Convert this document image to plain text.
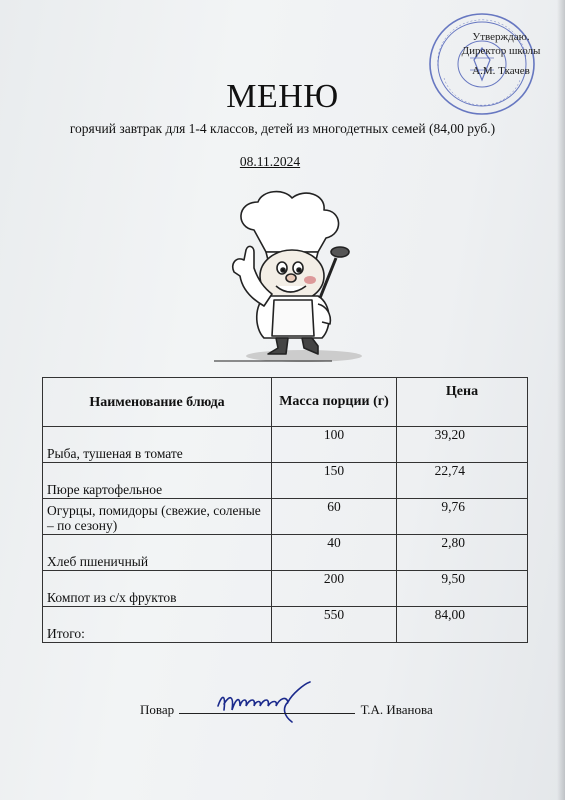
Утверждаю.
Директор школы
А.М. Ткачев
МЕНЮ
горячий завтрак для 1-4 классов, детей из многодетных семей (84,00 руб.)
08.11.2024
Наименование блюда	Масса порции (г)	Цена
Рыба, тушеная в томате	100	39,20
Пюре картофельное	150	22,74
Огурцы, помидоры (свежие, соленые – по сезону)	60	9,76
Хлеб пшеничный	40	2,80
Компот из с/х фруктов	200	9,50
Итого:	550	84,00
Повар	Т.А. Иванова
